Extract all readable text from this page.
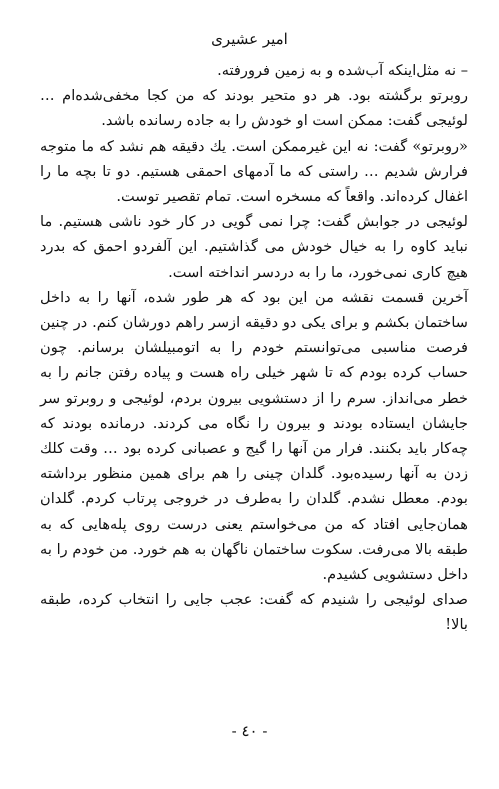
امیر عشیری

– نه مثل‌اینکه آب‌شده و به زمین فرورفته.

روبرتو برگشته بود. هر دو متحیر بودند که من کجا مخفی‌شده‌ام … لوئیجی گفت: ممکن است او خودش را به جاده رسانده باشد.

«روبرتو» گفت: نه این غیرممکن است. یك دقیقه هم نشد که ما متوجه فرارش شدیم … راستی که ما آدمهای احمقی هستیم. دو تا بچه ما را اغفال کرده‌اند. واقعاً که مسخره است. تمام تقصیر توست.

لوئیجی در جوابش گفت: چرا نمی گویی در کار خود ناشی هستیم. ما نباید کاوه را به خیال خودش می گذاشتیم. این آلفردو احمق که بدرد هیچ کاری نمی‌خورد، ما را به دردسر انداخته است.

آخرین قسمت نقشه من این بود که هر طور شده، آنها را به داخل ساختمان بکشم و برای یکی دو دقیقه ازسر راهم دورشان کنم. در چنین فرصت مناسبی می‌توانستم خودم را به اتومبیلشان برسانم. چون حساب کرده بودم که تا شهر خیلی راه هست و پیاده رفتن جانم را به خطر می‌انداز. سرم را از دستشویی بیرون بردم، لوئیجی و روبرتو سر جایشان ایستاده بودند و بیرون را نگاه می کردند. درمانده بودند که چه‌کار باید بکنند. فرار من آنها را گیج و عصبانی کرده بود … وقت کلك زدن به آنها رسیده‌بود. گلدان چینی را هم برای همین منظور برداشته بودم. معطل نشدم. گلدان را به‌طرف در خروجی پرتاب کردم. گلدان همان‌جایی افتاد که من می‌خواستم یعنی درست روی پله‌هایی که به طبقه بالا می‌رفت. سکوت ساختمان ناگهان به هم خورد. من خودم را به داخل دستشویی کشیدم.

صدای لوئیجی را شنیدم که گفت: عجب جایی را انتخاب کرده، طبقه بالا!

- ٤٠ -
